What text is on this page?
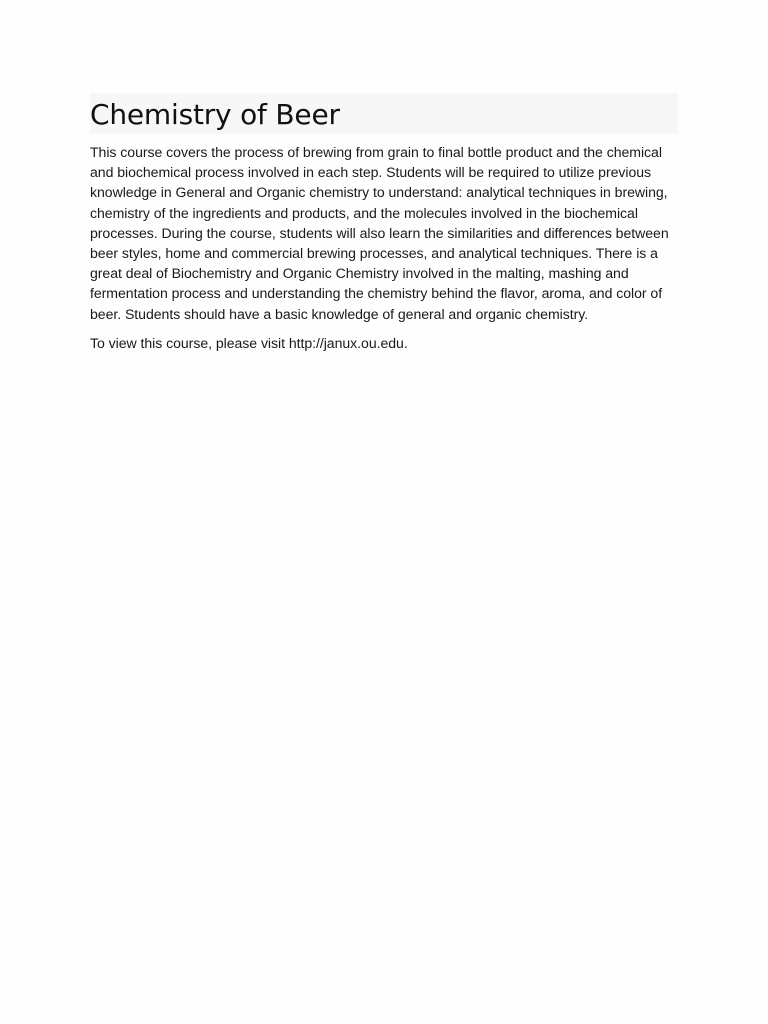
Chemistry of Beer

This course covers the process of brewing from grain to final bottle product and the chemical and biochemical process involved in each step. Students will be required to utilize previous knowledge in General and Organic chemistry to understand: analytical techniques in brewing, chemistry of the ingredients and products, and the molecules involved in the biochemical processes. During the course, students will also learn the similarities and differences between beer styles, home and commercial brewing processes, and analytical techniques. There is a great deal of Biochemistry and Organic Chemistry involved in the malting, mashing and fermentation process and understanding the chemistry behind the flavor, aroma, and color of beer. Students should have a basic knowledge of general and organic chemistry.

To view this course, please visit http://janux.ou.edu.
